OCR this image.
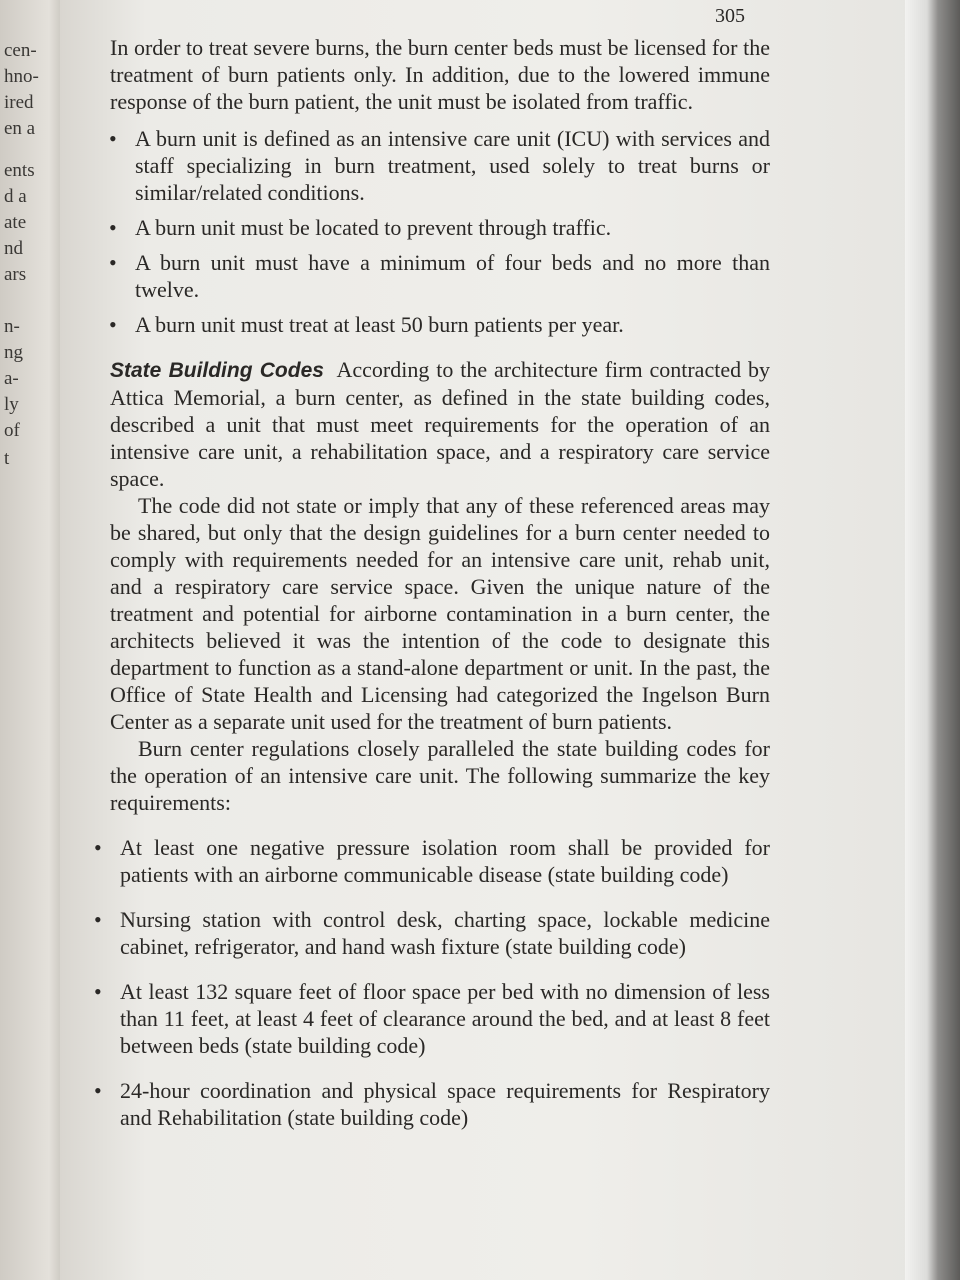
cen-
hno-
ired
en a
ents
d a
ate
nd
ars
n-
ng
a-
ly
of
t
305

In order to treat severe burns, the burn center beds must be licensed for the treatment of burn patients only. In addition, due to the lowered immune response of the burn patient, the unit must be isolated from traffic.

• A burn unit is defined as an intensive care unit (ICU) with services and staff specializing in burn treatment, used solely to treat burns or similar/related conditions.

• A burn unit must be located to prevent through traffic.

• A burn unit must have a minimum of four beds and no more than twelve.

• A burn unit must treat at least 50 burn patients per year.

State Building Codes According to the architecture firm contracted by Attica Memorial, a burn center, as defined in the state building codes, described a unit that must meet requirements for the operation of an intensive care unit, a rehabilitation space, and a respiratory care service space.

The code did not state or imply that any of these referenced areas may be shared, but only that the design guidelines for a burn center needed to comply with requirements needed for an intensive care unit, rehab unit, and a respiratory care service space. Given the unique nature of the treatment and potential for airborne contamination in a burn center, the architects believed it was the intention of the code to designate this department to function as a stand-alone department or unit. In the past, the Office of State Health and Licensing had categorized the Ingelson Burn Center as a separate unit used for the treatment of burn patients.

Burn center regulations closely paralleled the state building codes for the operation of an intensive care unit. The following summarize the key requirements:

• At least one negative pressure isolation room shall be provided for patients with an airborne communicable disease (state building code)

• Nursing station with control desk, charting space, lockable medicine cabinet, refrigerator, and hand wash fixture (state building code)

• At least 132 square feet of floor space per bed with no dimension of less than 11 feet, at least 4 feet of clearance around the bed, and at least 8 feet between beds (state building code)

• 24-hour coordination and physical space requirements for Respiratory and Rehabilitation (state building code)
